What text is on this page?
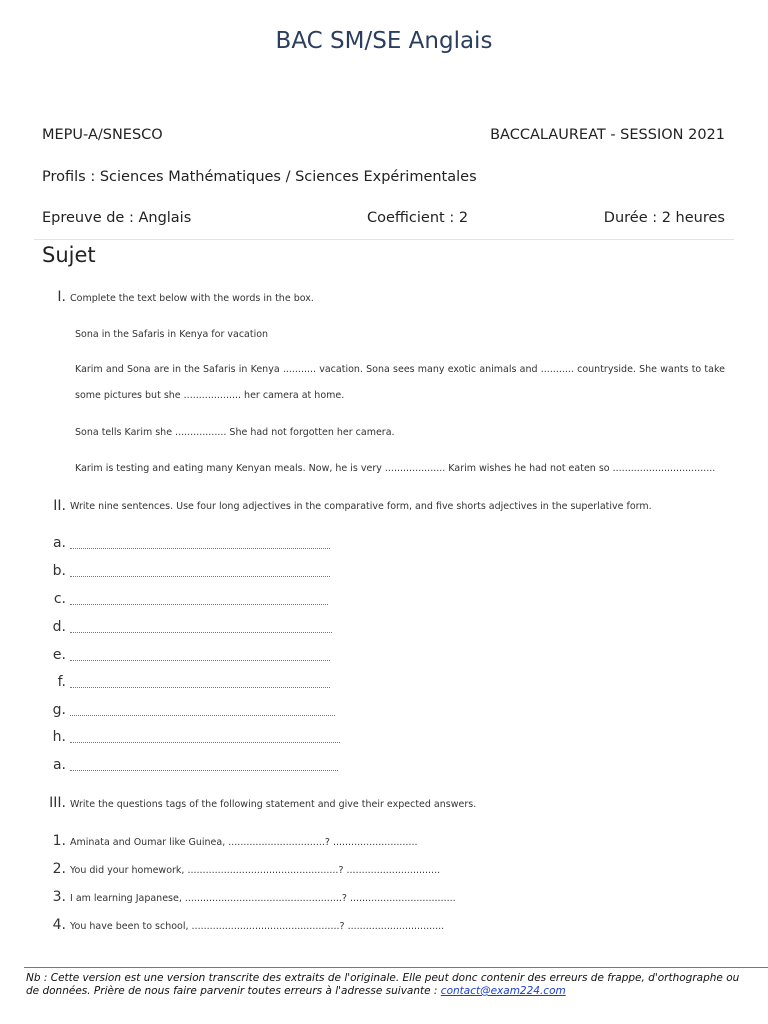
BAC SM/SE Anglais
MEPU-A/SNESCO	BACCALAUREAT - SESSION 2021
Profils : Sciences Mathématiques / Sciences Expérimentales
Epreuve de : Anglais	Coefficient : 2	Durée : 2 heures
Sujet
I. Complete the text below with the words in the box.
Sona in the Safaris in Kenya for vacation
Karim and Sona are in the Safaris in Kenya ........... vacation. Sona sees many exotic animals and ........... countryside. She wants to take some pictures but she ................... her camera at home.
Sona tells Karim she ................. She had not forgotten her camera.
Karim is testing and eating many Kenyan meals. Now, he is very .................... Karim wishes he had not eaten so ..................................
II. Write nine sentences. Use four long adjectives in the comparative form, and five shorts adjectives in the superlative form.
a.
b.
c.
d.
e.
f.
g.
h.
a.
III. Write the questions tags of the following statement and give their expected answers.
1. Aminata and Oumar like Guinea, ................................? ............................
2. You did your homework, ..................................................? ...............................
3. I am learning Japanese, ....................................................? ...................................
4. You have been to school, .................................................? ................................
Nb : Cette version est une version transcrite des extraits de l'originale. Elle peut donc contenir des erreurs de frappe, d'orthographe ou de données. Prière de nous faire parvenir toutes erreurs à l'adresse suivante : contact@exam224.com
